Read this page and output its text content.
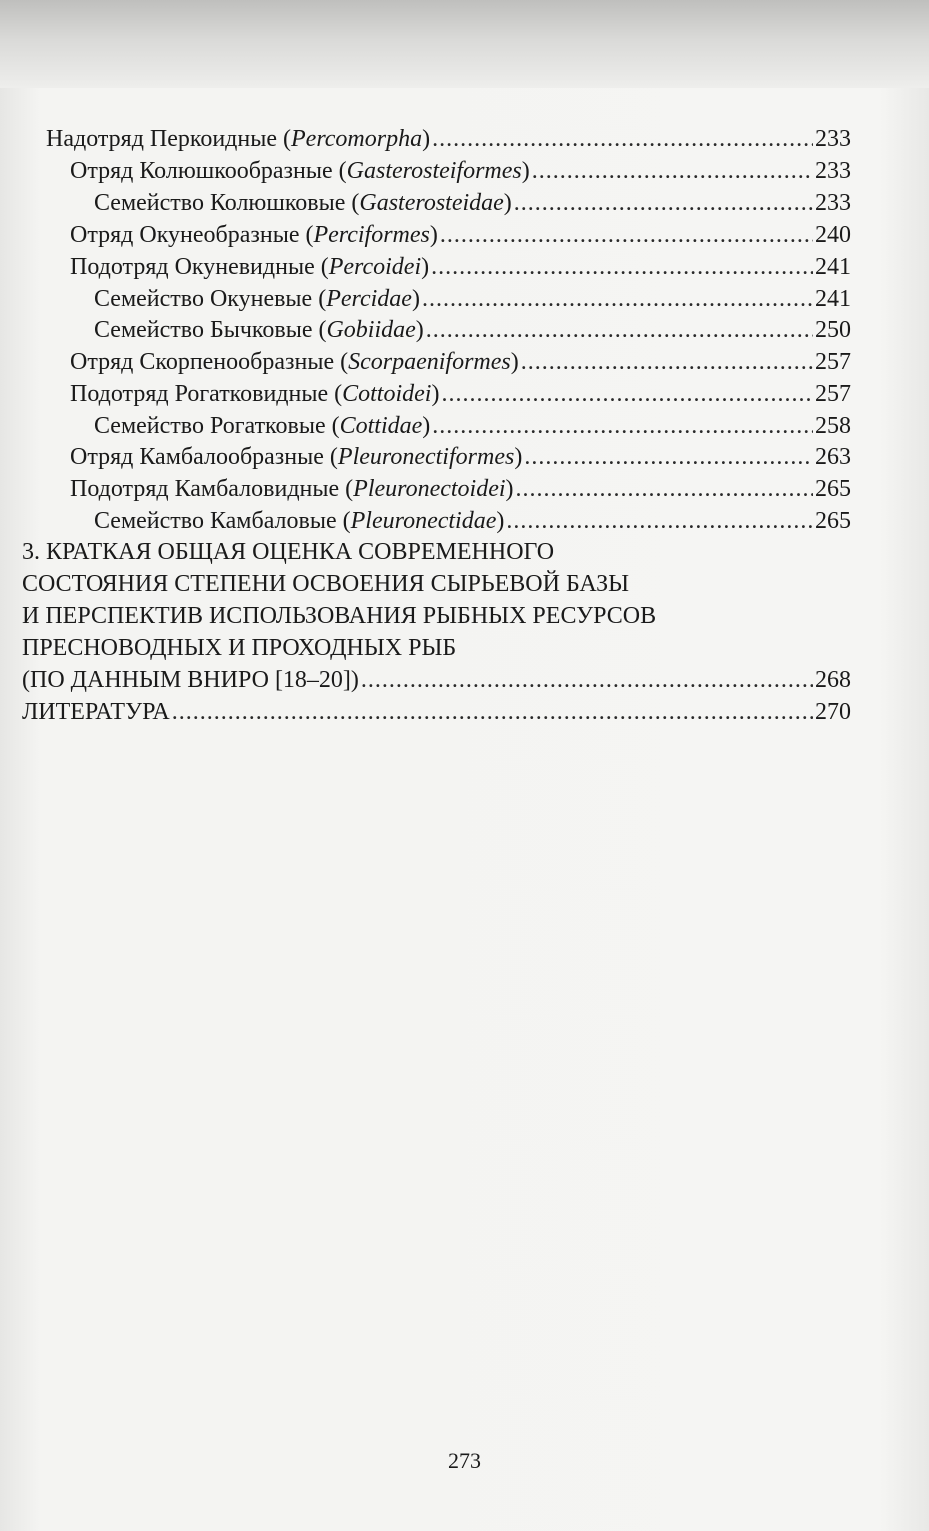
Надотряд Перкоидные (Percomorpha) .....	233
Отряд Колюшкообразные (Gasterosteiformes) .....	233
Семейство Колюшковые (Gasterosteidae) .....	233
Отряд Окунеобразные (Perciformes) .....	240
Подотряд Окуневидные (Percoidei) .....	241
Семейство Окуневые (Percidae) .....	241
Семейство Бычковые (Gobiidae) .....	250
Отряд Скорпенообразные (Scorpaeniformes) .....	257
Подотряд Рогатковидные (Cottoidei) .....	257
Семейство Рогатковые (Cottidae) .....	258
Отряд Камбалообразные (Pleuronectiformes) .....	263
Подотряд Камбаловидные (Pleuronectoidei) .....	265
Семейство Камбаловые (Pleuronectidae) .....	265
3. КРАТКАЯ ОБЩАЯ ОЦЕНКА СОВРЕМЕННОГО
СОСТОЯНИЯ СТЕПЕНИ ОСВОЕНИЯ СЫРЬЕВОЙ БАЗЫ
И ПЕРСПЕКТИВ ИСПОЛЬЗОВАНИЯ РЫБНЫХ РЕСУРСОВ
ПРЕСНОВОДНЫХ И ПРОХОДНЫХ РЫБ
(ПО ДАННЫМ ВНИРО [18–20]) .....	268
ЛИТЕРАТУРА .....	270
273
